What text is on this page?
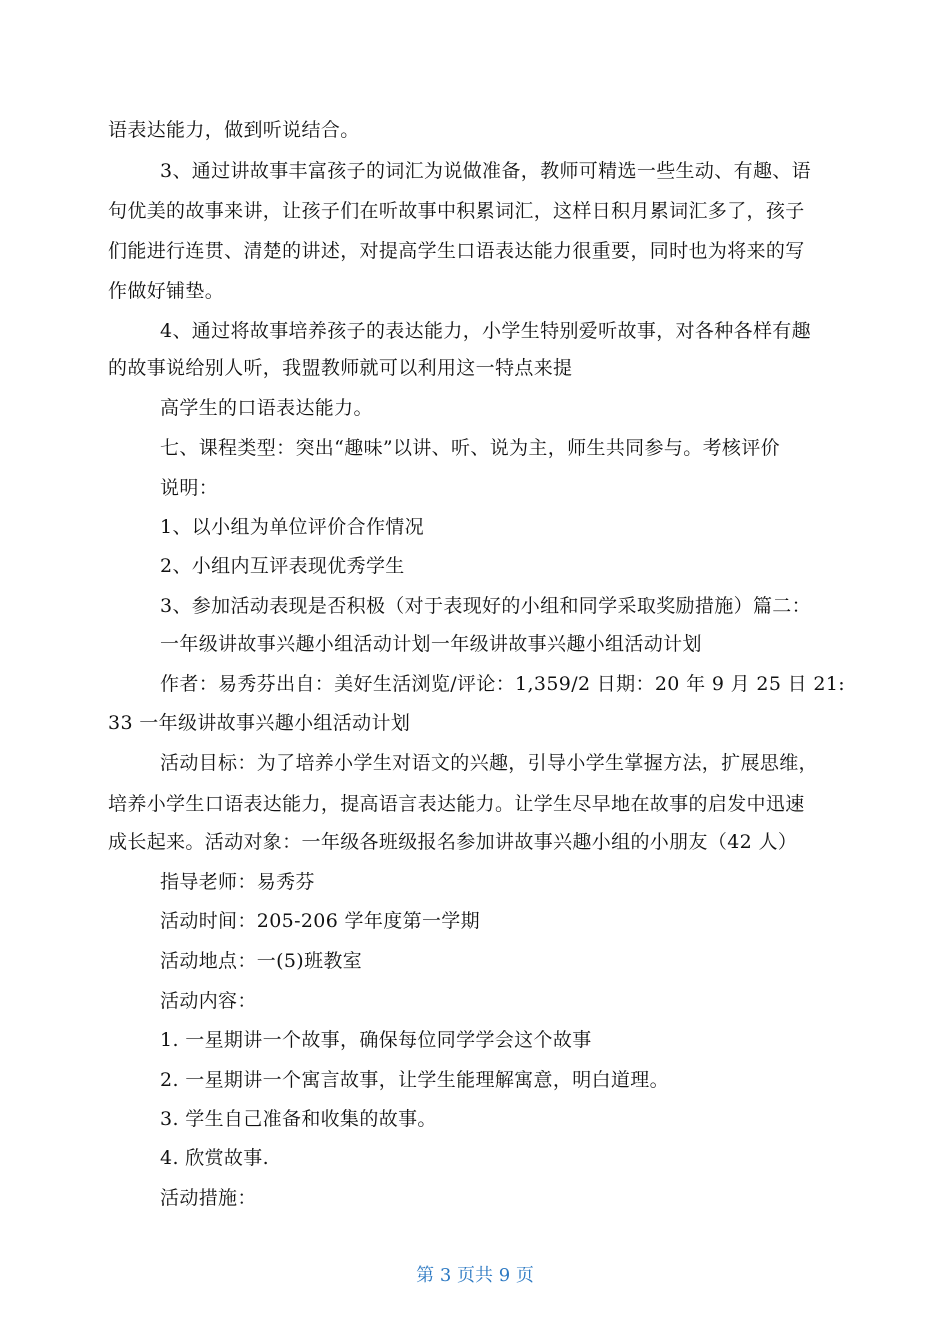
语表达能力，做到听说结合。
3、通过讲故事丰富孩子的词汇为说做准备，教师可精选一些生动、有趣、语
句优美的故事来讲，让孩子们在听故事中积累词汇，这样日积月累词汇多了，孩子
们能进行连贯、清楚的讲述，对提高学生口语表达能力很重要，同时也为将来的写
作做好铺垫。
4、通过将故事培养孩子的表达能力，小学生特别爱听故事，对各种各样有趣
的故事说给别人听，我盟教师就可以利用这一特点来提
高学生的口语表达能力。
七、课程类型：突出“趣味”以讲、听、说为主，师生共同参与。考核评价
说明：
1、以小组为单位评价合作情况
2、小组内互评表现优秀学生
3、参加活动表现是否积极（对于表现好的小组和同学采取奖励措施）篇二：
一年级讲故事兴趣小组活动计划一年级讲故事兴趣小组活动计划
作者：易秀芬出自：美好生活浏览/评论：1,359/2 日期：20 年 9 月 25 日 21:
33 一年级讲故事兴趣小组活动计划
活动目标：为了培养小学生对语文的兴趣，引导小学生掌握方法，扩展思维，
培养小学生口语表达能力，提高语言表达能力。让学生尽早地在故事的启发中迅速
成长起来。活动对象：一年级各班级报名参加讲故事兴趣小组的小朋友（42 人）
指导老师：易秀芬
活动时间：205-206 学年度第一学期
活动地点：一(5)班教室
活动内容：
1. 一星期讲一个故事，确保每位同学学会这个故事
2. 一星期讲一个寓言故事，让学生能理解寓意，明白道理。
3. 学生自己准备和收集的故事。
4. 欣赏故事.
活动措施：
第 3 页共 9 页
